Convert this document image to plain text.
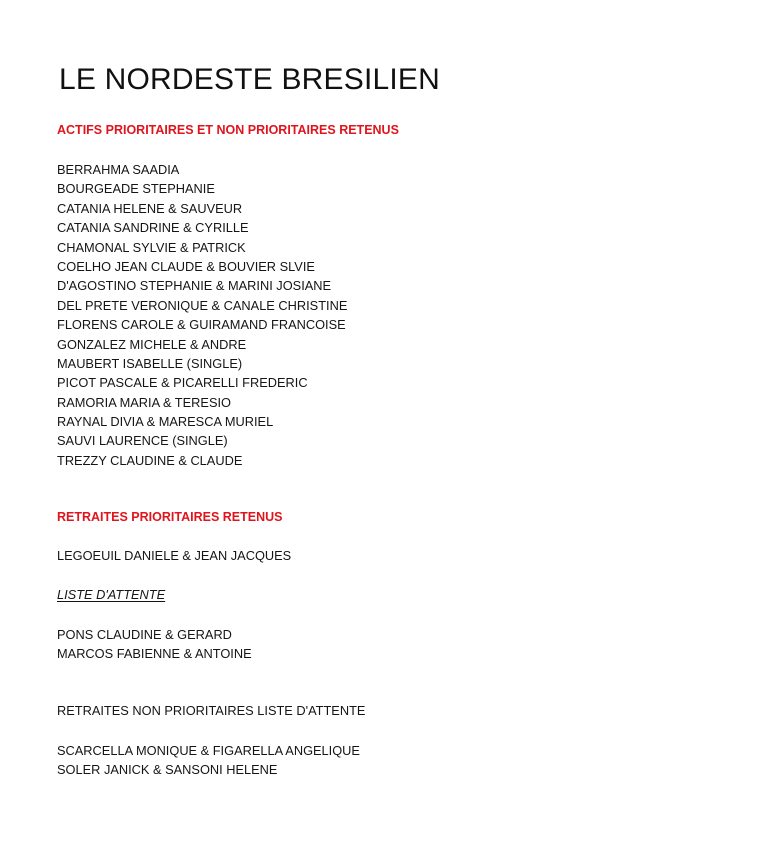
LE NORDESTE BRESILIEN
ACTIFS PRIORITAIRES ET NON PRIORITAIRES RETENUS
BERRAHMA SAADIA
BOURGEADE STEPHANIE
CATANIA HELENE & SAUVEUR
CATANIA SANDRINE & CYRILLE
CHAMONAL SYLVIE & PATRICK
COELHO JEAN CLAUDE & BOUVIER SLVIE
D'AGOSTINO STEPHANIE & MARINI JOSIANE
DEL PRETE VERONIQUE & CANALE CHRISTINE
FLORENS CAROLE & GUIRAMAND FRANCOISE
GONZALEZ MICHELE & ANDRE
MAUBERT ISABELLE (SINGLE)
PICOT PASCALE & PICARELLI FREDERIC
RAMORIA MARIA & TERESIO
RAYNAL DIVIA & MARESCA MURIEL
SAUVI LAURENCE (SINGLE)
TREZZY CLAUDINE & CLAUDE
RETRAITES PRIORITAIRES RETENUS
LEGOEUIL DANIELE & JEAN JACQUES
LISTE D'ATTENTE
PONS CLAUDINE & GERARD
MARCOS FABIENNE & ANTOINE
RETRAITES NON PRIORITAIRES LISTE D'ATTENTE
SCARCELLA MONIQUE & FIGARELLA ANGELIQUE
SOLER JANICK & SANSONI HELENE
